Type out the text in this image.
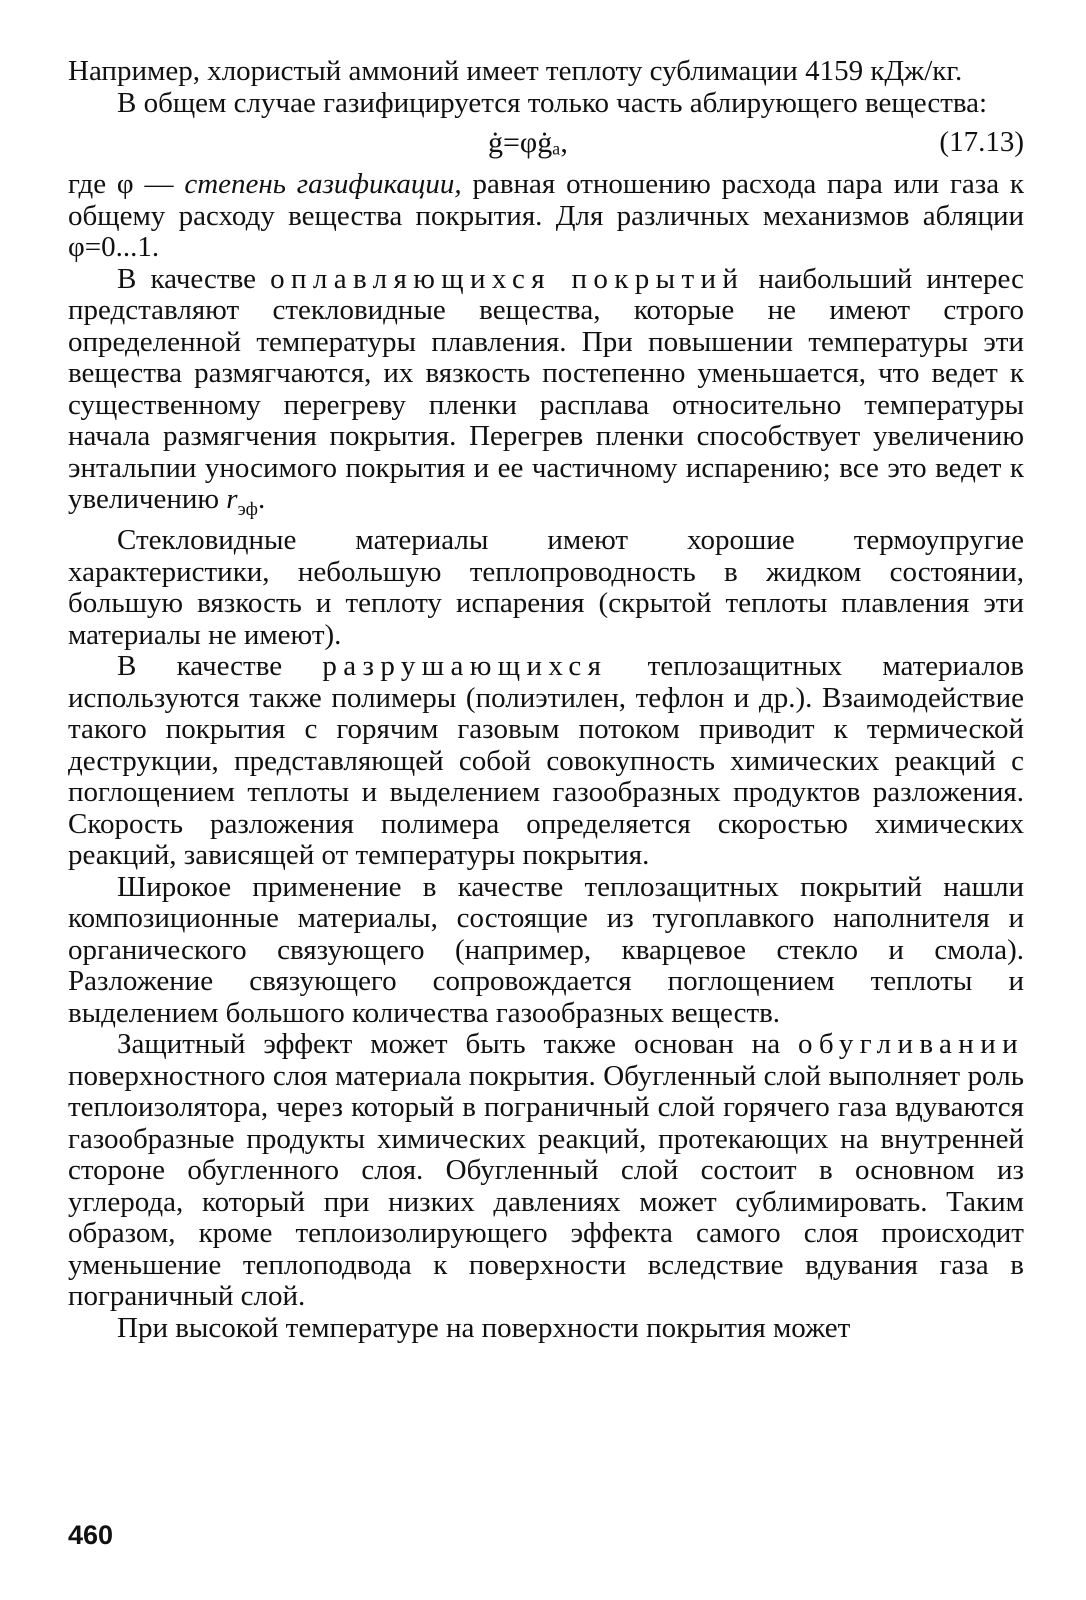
Например, хлористый аммоний имеет теплоту сублимации 4159 кДж/кг.

В общем случае газифицируется только часть аблирующего вещества:

ġ=φġₐ,	(17.13)

где φ — степень газификации, равная отношению расхода пара или газа к общему расходу вещества покрытия. Для различных механизмов абляции φ=0...1.

В качестве оплавляющихся покрытий наибольший интерес представляют стекловидные вещества, которые не имеют строго определенной температуры плавления. При повышении температуры эти вещества размягчаются, их вязкость постепенно уменьшается, что ведет к существенному перегреву пленки расплава относительно температуры начала размягчения покрытия. Перегрев пленки способствует увеличению энтальпии уносимого покрытия и ее частичному испарению; все это ведет к увеличению $r_{эф}$.

Стекловидные материалы имеют хорошие термоупругие характеристики, небольшую теплопроводность в жидком состоянии, большую вязкость и теплоту испарения (скрытой теплоты плавления эти материалы не имеют).

В качестве разрушающихся теплозащитных материалов используются также полимеры (полиэтилен, тефлон и др.). Взаимодействие такого покрытия с горячим газовым потоком приводит к термической деструкции, представляющей собой совокупность химических реакций с поглощением теплоты и выделением газообразных продуктов разложения. Скорость разложения полимера определяется скоростью химических реакций, зависящей от температуры покрытия.

Широкое применение в качестве теплозащитных покрытий нашли композиционные материалы, состоящие из тугоплавкого наполнителя и органического связующего (например, кварцевое стекло и смола). Разложение связующего сопровождается поглощением теплоты и выделением большого количества газообразных веществ.

Защитный эффект может быть также основан на обугливании поверхностного слоя материала покрытия. Обугленный слой выполняет роль теплоизолятора, через который в пограничный слой горячего газа вдуваются газообразные продукты химических реакций, протекающих на внутренней стороне обугленного слоя. Обугленный слой состоит в основном из углерода, который при низких давлениях может сублимировать. Таким образом, кроме теплоизолирующего эффекта самого слоя происходит уменьшение теплоподвода к поверхности вследствие вдувания газа в пограничный слой.

При высокой температуре на поверхности покрытия может

460
